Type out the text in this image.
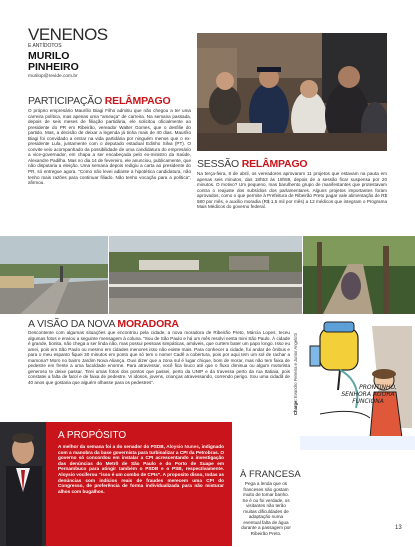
VENENOS
E ANTÍDOTOS
MURILO
PINHEIRO
murilop@revide.com.br
PARTICIPAÇÃO RELÂMPAGO
O próprio empresário Maurílio Biagi Filho admitiu que não chegou a ter uma carreira política, mas apenas uma “ameaça” de carreira. Na semana passada, depois de seis meses de filiação partidária, ele solicitou oficialmente ao presidente do PR em Ribeirão, vereador Walter Gomes, que o desfilie do partido. Mas, a decisão de deixar a legenda já tinha mais de 40 dias. Maurílio Biagi foi convidado a entrar na vida partidária por ninguém menos que o ex-presidente Lula, juntamente com o deputado estadual Edinho Silva (PT). O convite veio acompanhado da possibilidade de uma candidatura do empresário a vice-governador, em chapa a ser encabeçada pelo ex-ministro da Saúde, Alexandre Padilha. Mas no dia 14 de fevereiro, ele anunciou, publicamente, que não disputaria a eleição. Uma semana depois redigiu a carta ao presidente do PR, só entregue agora. “Como não levei adiante a hipotética candidatura, não tenho mais razões para continuar filiado. Não tenho vocação para a política”, afirmou.
SESSÃO RELÂMPAGO
Na terça-feira, 8 de abril, os vereadores aprovaram 11 projetos que estavam na pauta em apenas seis minutos, das 18h53 às 18h59, depois de a sessão ficar suspensa por 20 minutos. O motivo? Um pequeno, mas barulhento grupo de manifestantes que protestavam contra o reajuste dos subsídios dos parlamentares. Alguns projetos importantes foram aprovados, como o que permite à Prefeitura de Ribeirão Preto pagar vale alimentação de R$ 580 por mês, e auxílio moradia (R$ 1,5 mil por mês) a 12 médicos que integram o Programa Mais Médicos do governo federal.
A VISÃO DA NOVA MORADORA
Descontente com algumas situações que encontrou pela cidade, a nova moradora de Ribeirão Preto, Márcia Lopes, teceu algumas fotos e enviou a seguinte mensagem à coluna. “Sou de São Paulo e há um mês resolvi nesta mini São Paulo. À cidade é grande, bonita, não chega a ser linda não, mas possui pessoas simpáticas, amáveis, que curtem bater um papo longo. Isso eu amei, pois em São Paulo ou mesmo em cidades menores isso não existe mais. Para conhecer a cidade, fui andar de ônibus e para o meu espanto fiquei 30 minutos em ponto que só tem o nome! Cadê a cobertura, pois por aqui tem um sol de rachar a mamona? Moro no bairro Jardim Nova Aliança. Ouvi dizer que a zona sul é lugar chique, bom de morar, mas não tem faixa de pedestre em frente a uma faculdade enorme. Para atravessar, você fica louco até que o fluxo diminua ou algum motorista generoso te deixe passar. Tirei umas fotos dos pontos que passei, perto da UNIP e da travessa perto da rua Itatiaia, pois constatei a falta de farol e de faixa de pedestre. Vi idosos, jovens, crianças atravessando, correndo perigo. Sou uma cidadã de 40 anos que gostaria que alguém olhasse para os pedestres”.
Charge: Evandro Ferreira e Junior Angelotti	PRONTINHO,
SENHORA AGORA
FUNCIONA
A PROPÓSITO
A melhor da semana foi a do senador do PSDB, Aloysio Nunes, indignado com a manobra da base governista para turbinalizar a CPI da Petrobras. O governo só concordou em instalar a CPI acrescentando a investigação das denúncias do Metrô de São Paulo e do Porto de Suape em Pernambuco para atingir também o PSDB e o PSB, respectivamente. Aloysio vociferou “isso é um combo de CPIs”. A proposito disso, todas as denúncias com indícios reais de fraudes merecem uma CPI do Congresso, de preferência de forma individualizada para não misturar alhos com bugalhos.
À FRANCESA
Pega a lenda que os franceses não gostam muito de tomar banho. Se é ou foi verdade, os visitantes não terão muitas dificuldades de adaptação numa eventual falta de água durante a passagem por Ribeirão Preto.
13
